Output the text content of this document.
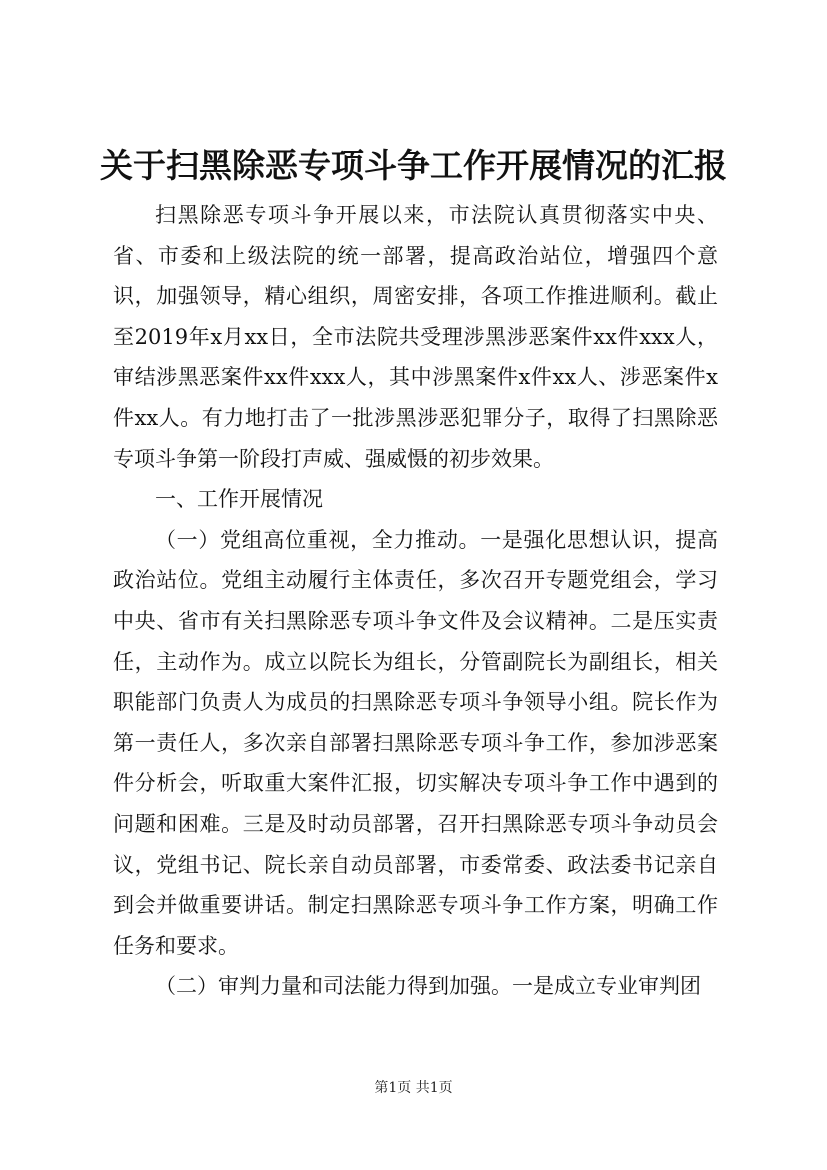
关于扫黑除恶专项斗争工作开展情况的汇报

扫黑除恶专项斗争开展以来，市法院认真贯彻落实中央、省、市委和上级法院的统一部署，提高政治站位，增强四个意识，加强领导，精心组织，周密安排，各项工作推进顺利。截止至2019年x月xx日，全市法院共受理涉黑涉恶案件xx件xxx人，审结涉黑恶案件xx件xxx人，其中涉黑案件x件xx人、涉恶案件x件xx人。有力地打击了一批涉黑涉恶犯罪分子，取得了扫黑除恶专项斗争第一阶段打声威、强威慑的初步效果。

一、工作开展情况

（一）党组高位重视，全力推动。一是强化思想认识，提高政治站位。党组主动履行主体责任，多次召开专题党组会，学习中央、省市有关扫黑除恶专项斗争文件及会议精神。二是压实责任，主动作为。成立以院长为组长，分管副院长为副组长，相关职能部门负责人为成员的扫黑除恶专项斗争领导小组。院长作为第一责任人，多次亲自部署扫黑除恶专项斗争工作，参加涉恶案件分析会，听取重大案件汇报，切实解决专项斗争工作中遇到的问题和困难。三是及时动员部署，召开扫黑除恶专项斗争动员会议，党组书记、院长亲自动员部署，市委常委、政法委书记亲自到会并做重要讲话。制定扫黑除恶专项斗争工作方案，明确工作任务和要求。

（二）审判力量和司法能力得到加强。一是成立专业审判团

第1页 共1页
